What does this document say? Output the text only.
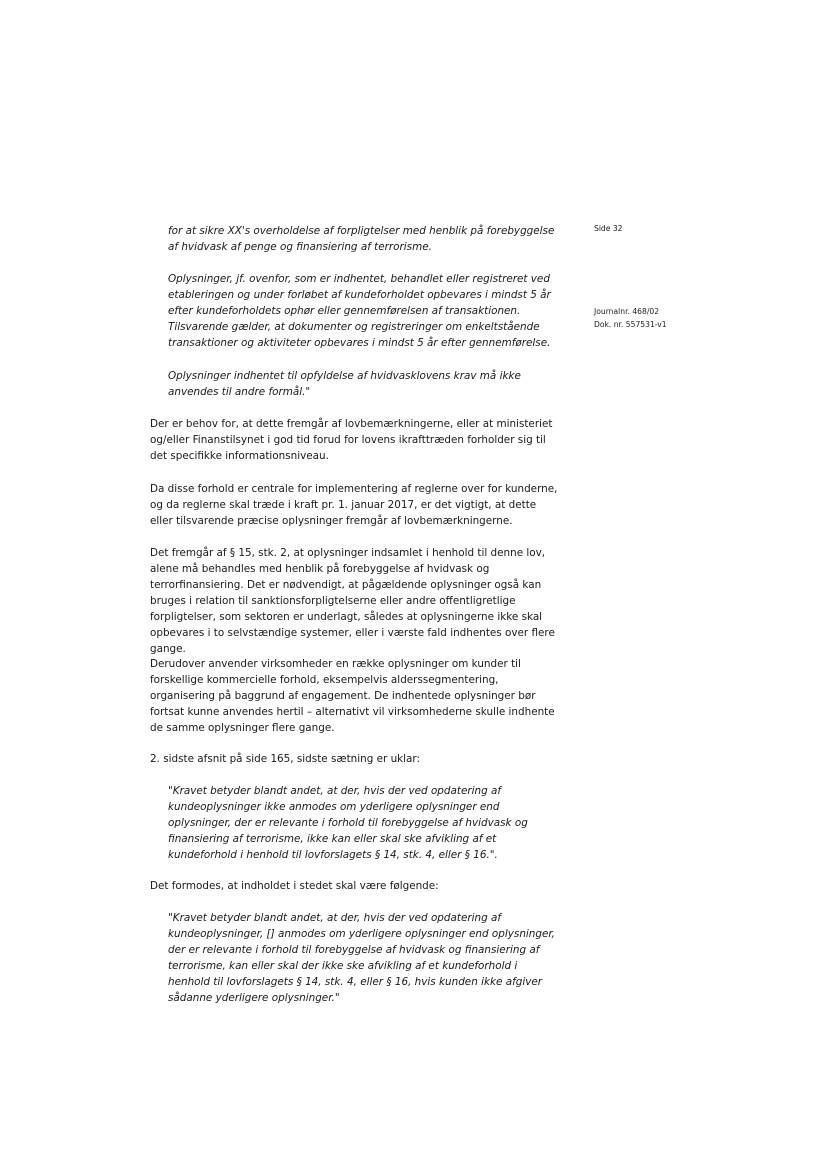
Side 32

Journalnr. 468/02

Dok. nr. 557531-v1

for at sikre XX's overholdelse af forpligtelser med henblik på forebyggelse af hvidvask af penge og finansiering af terrorisme.

Oplysninger, jf. ovenfor, som er indhentet, behandlet eller registreret ved etableringen og under forløbet af kundeforholdet opbevares i mindst 5 år efter kundeforholdets ophør eller gennemførelsen af transaktionen. Tilsvarende gælder, at dokumenter og registreringer om enkeltstående transaktioner og aktiviteter opbevares i mindst 5 år efter gennemførelse.

Oplysninger indhentet til opfyldelse af hvidvasklovens krav må ikke anvendes til andre formål."

Der er behov for, at dette fremgår af lovbemærkningerne, eller at ministeriet og/eller Finanstilsynet i god tid forud for lovens ikrafttræden forholder sig til det specifikke informationsniveau.

Da disse forhold er centrale for implementering af reglerne over for kunderne, og da reglerne skal træde i kraft pr. 1. januar 2017, er det vigtigt, at dette eller tilsvarende præcise oplysninger fremgår af lovbemærkningerne.

Det fremgår af § 15, stk. 2, at oplysninger indsamlet i henhold til denne lov, alene må behandles med henblik på forebyggelse af hvidvask og terrorfinansiering. Det er nødvendigt, at pågældende oplysninger også kan bruges i relation til sanktionsforpligtelserne eller andre offentligretlige forpligtelser, som sektoren er underlagt, således at oplysningerne ikke skal opbevares i to selvstændige systemer, eller i værste fald indhentes over flere gange.

Derudover anvender virksomheder en række oplysninger om kunder til forskellige kommercielle forhold, eksempelvis alderssegmentering, organisering på baggrund af engagement. De indhentede oplysninger bør fortsat kunne anvendes hertil – alternativt vil virksomhederne skulle indhente de samme oplysninger flere gange.

2. sidste afsnit på side 165, sidste sætning er uklar:

"Kravet betyder blandt andet, at der, hvis der ved opdatering af kundeoplysninger ikke anmodes om yderligere oplysninger end oplysninger, der er relevante i forhold til forebyggelse af hvidvask og finansiering af terrorisme, ikke kan eller skal ske afvikling af et kundeforhold i henhold til lovforslagets § 14, stk. 4, eller § 16.".

Det formodes, at indholdet i stedet skal være følgende:

"Kravet betyder blandt andet, at der, hvis der ved opdatering af kundeoplysninger, [] anmodes om yderligere oplysninger end oplysninger, der er relevante i forhold til forebyggelse af hvidvask og finansiering af terrorisme, kan eller skal der ikke ske afvikling af et kundeforhold i henhold til lovforslagets § 14, stk. 4, eller § 16, hvis kunden ikke afgiver sådanne yderligere oplysninger."
